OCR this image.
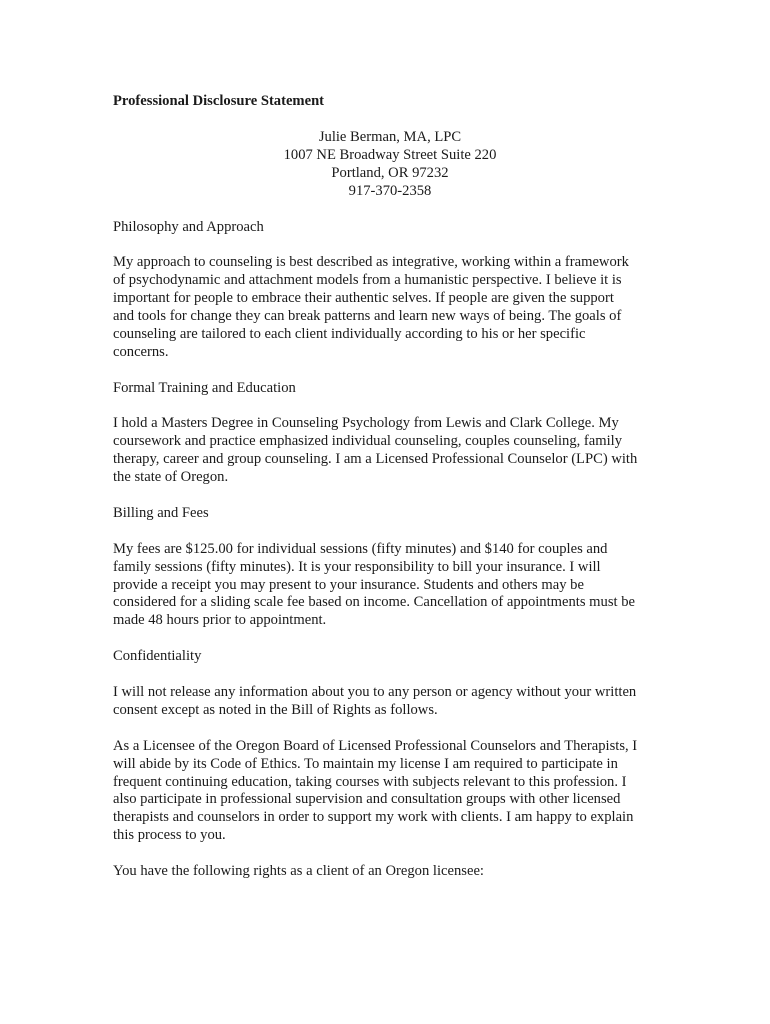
Professional Disclosure Statement
Julie Berman, MA, LPC
1007 NE Broadway Street Suite 220
Portland, OR 97232
917-370-2358
Philosophy and Approach
My approach to counseling is best described as integrative, working within a framework
of psychodynamic and attachment models from a humanistic perspective. I believe it is
important for people to embrace their authentic selves. If people are given the support
and tools for change they can break patterns and learn new ways of being. The goals of
counseling are tailored to each client individually according to his or her specific
concerns.
Formal Training and Education
I hold a Masters Degree in Counseling Psychology from Lewis and Clark College. My
coursework and practice emphasized individual counseling, couples counseling, family
therapy, career and group counseling. I am a Licensed Professional Counselor (LPC) with
the state of Oregon.
Billing and Fees
My fees are $125.00 for individual sessions (fifty minutes) and $140 for couples and
family sessions (fifty minutes). It is your responsibility to bill your insurance. I will
provide a receipt you may present to your insurance. Students and others may be
considered for a sliding scale fee based on income. Cancellation of appointments must be
made 48 hours prior to appointment.
Confidentiality
I will not release any information about you to any person or agency without your written
consent except as noted in the Bill of Rights as follows.
As a Licensee of the Oregon Board of Licensed Professional Counselors and Therapists, I
will abide by its Code of Ethics. To maintain my license I am required to participate in
frequent continuing education, taking courses with subjects relevant to this profession. I
also participate in professional supervision and consultation groups with other licensed
therapists and counselors in order to support my work with clients. I am happy to explain
this process to you.
You have the following rights as a client of an Oregon licensee:
